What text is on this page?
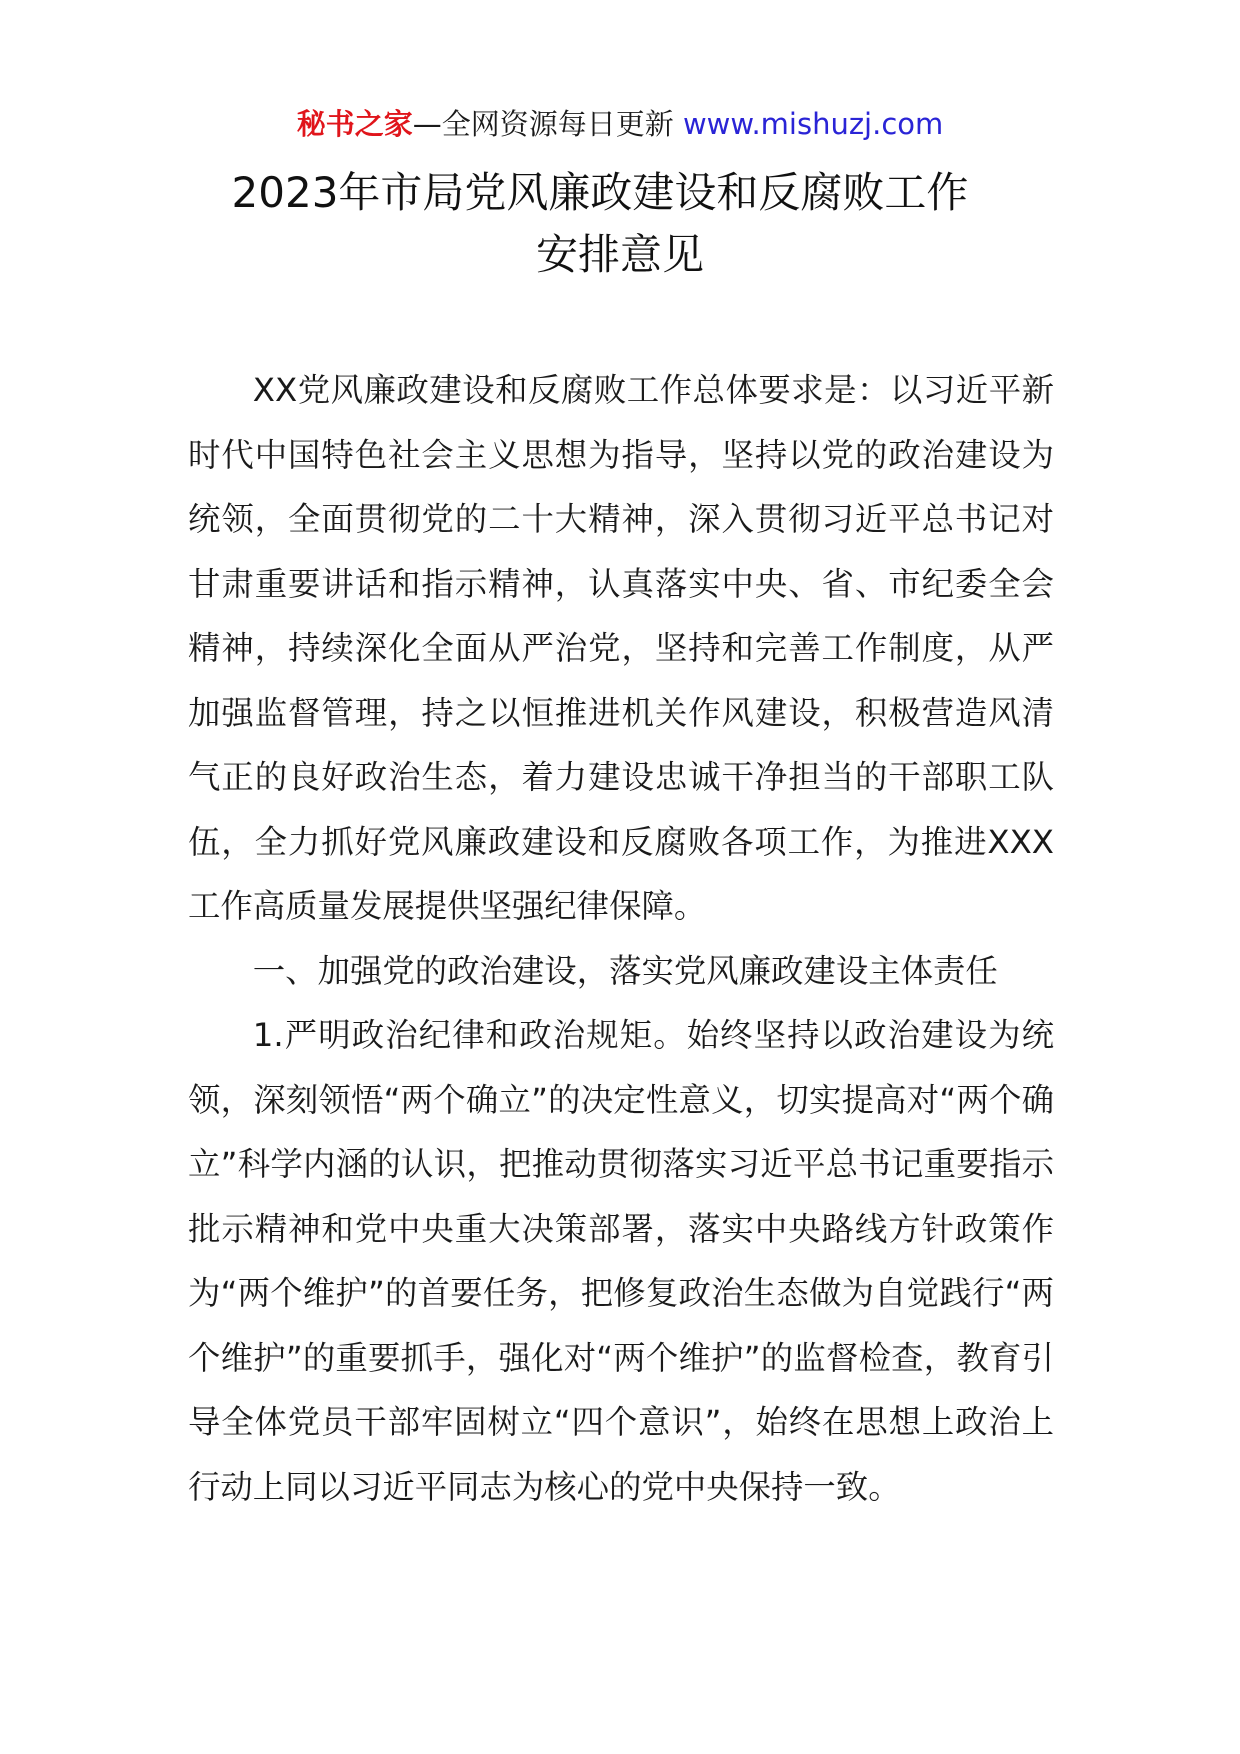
秘书之家—全网资源每日更新 www.mishuzj.com
2023年市局党风廉政建设和反腐败工作
安排意见

XX党风廉政建设和反腐败工作总体要求是：以习近平新时代中国特色社会主义思想为指导，坚持以党的政治建设为统领，全面贯彻党的二十大精神，深入贯彻习近平总书记对甘肃重要讲话和指示精神，认真落实中央、省、市纪委全会精神，持续深化全面从严治党，坚持和完善工作制度，从严加强监督管理，持之以恒推进机关作风建设，积极营造风清气正的良好政治生态，着力建设忠诚干净担当的干部职工队伍，全力抓好党风廉政建设和反腐败各项工作，为推进XXX工作高质量发展提供坚强纪律保障。

一、加强党的政治建设，落实党风廉政建设主体责任

1.严明政治纪律和政治规矩。始终坚持以政治建设为统领，深刻领悟“两个确立”的决定性意义，切实提高对“两个确立”科学内涵的认识，把推动贯彻落实习近平总书记重要指示批示精神和党中央重大决策部署，落实中央路线方针政策作为“两个维护”的首要任务，把修复政治生态做为自觉践行“两个维护”的重要抓手，强化对“两个维护”的监督检查，教育引导全体党员干部牢固树立“四个意识”，始终在思想上政治上行动上同以习近平同志为核心的党中央保持一致。
